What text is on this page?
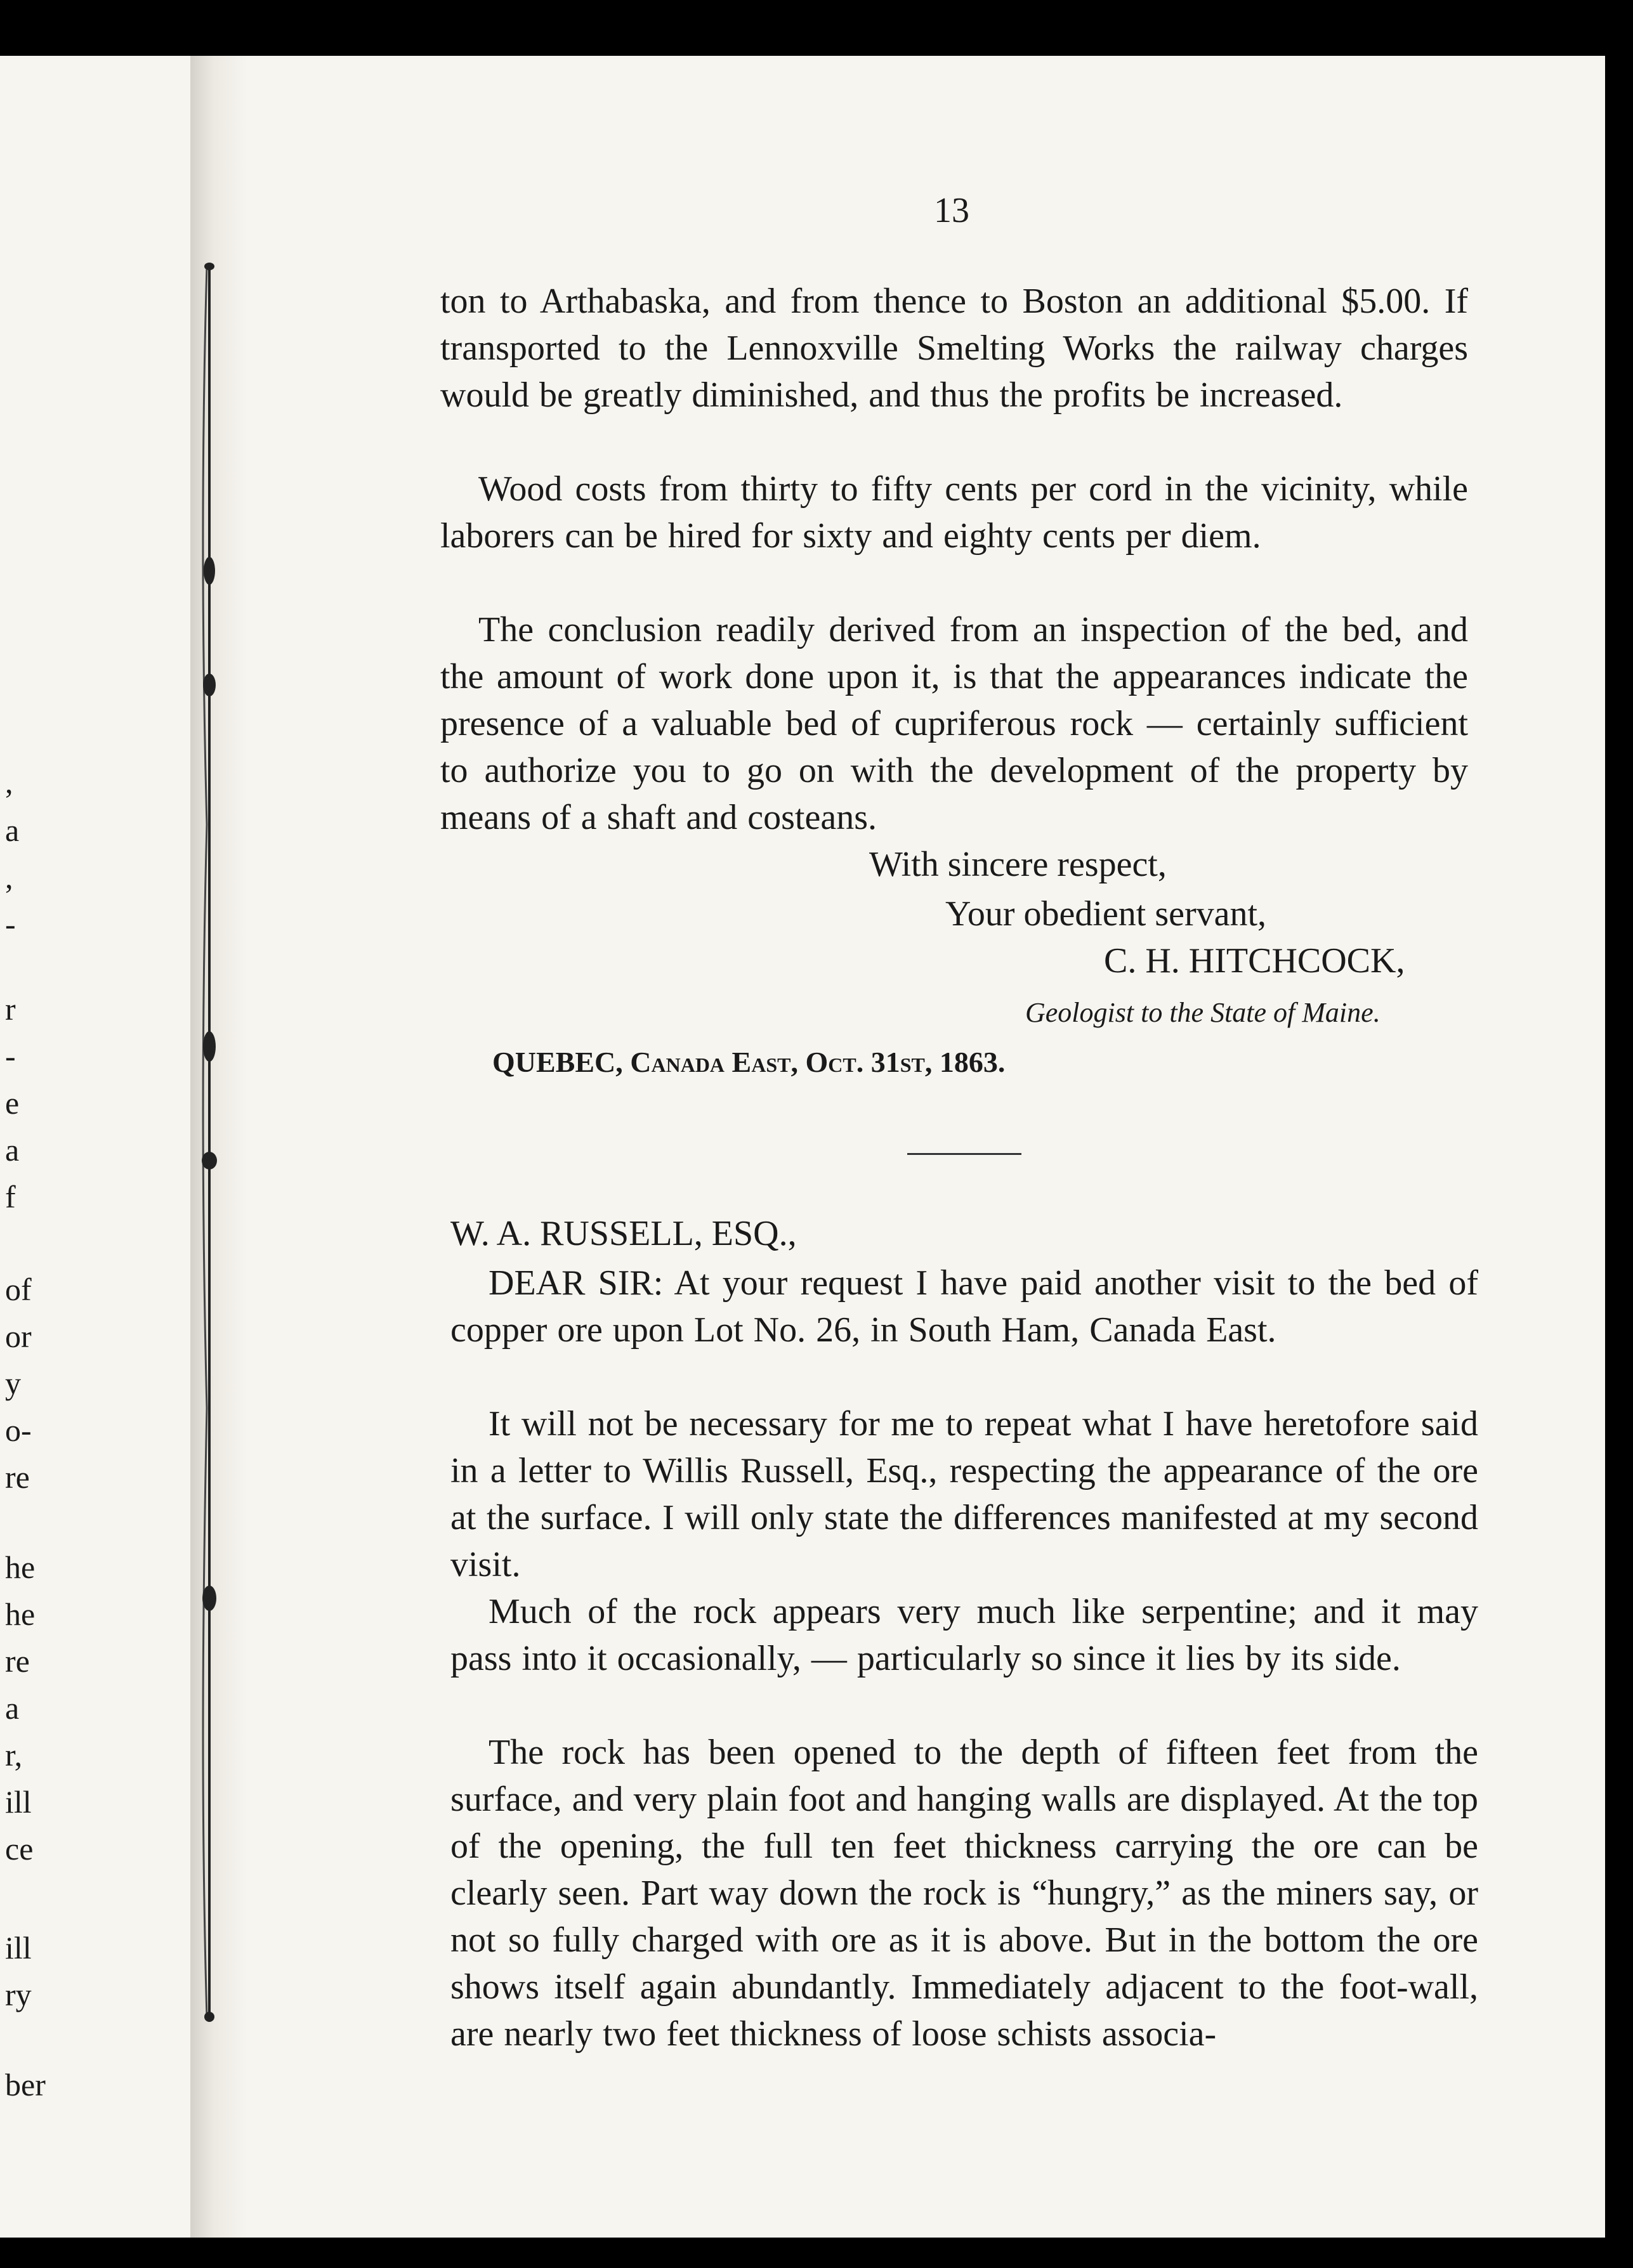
,
a
,
-
r
-
e
a
f
of
or
y
o-
re
he
he
re
a
r,
ill
ce
ill
ry
ber
13

ton to Arthabaska, and from thence to Boston an additional $5.00. If transported to the Lennoxville Smelting Works the railway charges would be greatly diminished, and thus the profits be increased.

Wood costs from thirty to fifty cents per cord in the vicinity, while laborers can be hired for sixty and eighty cents per diem.

The conclusion readily derived from an inspection of the bed, and the amount of work done upon it, is that the appearances indicate the presence of a valuable bed of cupriferous rock — certainly sufficient to authorize you to go on with the development of the property by means of a shaft and costeans.

With sincere respect,
Your obedient servant,
C. H. HITCHCOCK,
Geologist to the State of Maine.
QUEBEC, Canada East, Oct. 31st, 1863.
W. A. RUSSELL, ESQ.,

DEAR SIR: At your request I have paid another visit to the bed of copper ore upon Lot No. 26, in South Ham, Canada East.

It will not be necessary for me to repeat what I have heretofore said in a letter to Willis Russell, Esq., respecting the appearance of the ore at the surface. I will only state the differences manifested at my second visit.

Much of the rock appears very much like serpentine; and it may pass into it occasionally, — particularly so since it lies by its side.

The rock has been opened to the depth of fifteen feet from the surface, and very plain foot and hanging walls are displayed. At the top of the opening, the full ten feet thickness carrying the ore can be clearly seen. Part way down the rock is “hungry,” as the miners say, or not so fully charged with ore as it is above. But in the bottom the ore shows itself again abundantly. Immediately adjacent to the foot-wall, are nearly two feet thickness of loose schists associa-
